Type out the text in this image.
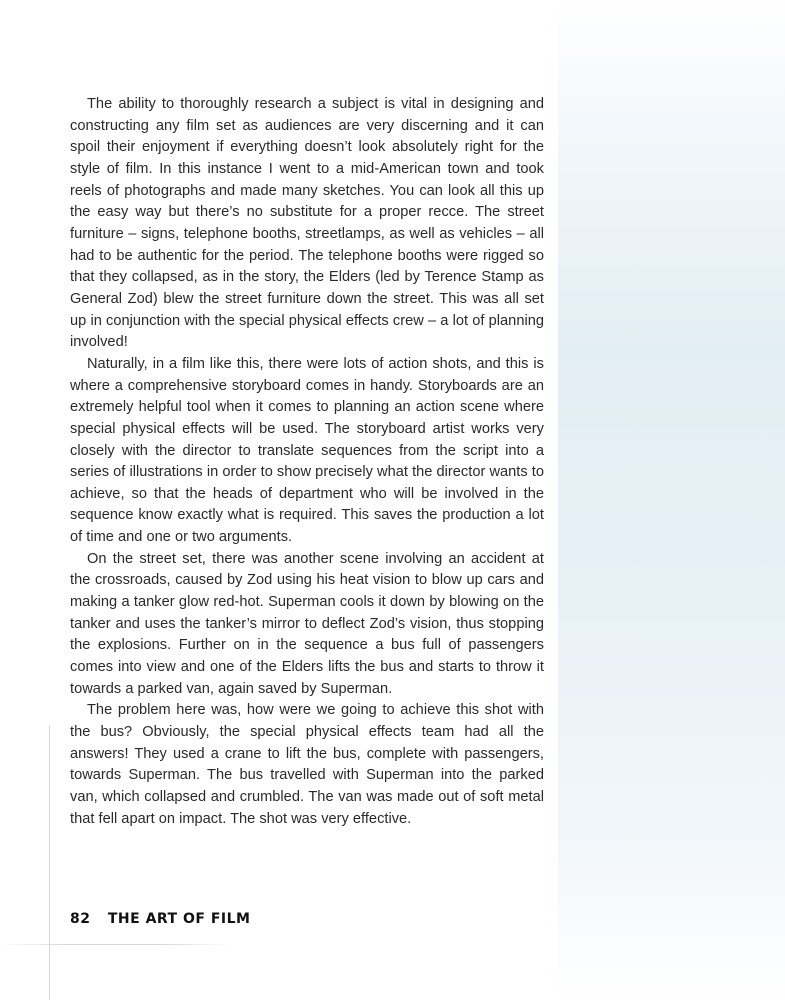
The ability to thoroughly research a subject is vital in designing and constructing any film set as audiences are very discerning and it can spoil their enjoyment if everything doesn’t look absolutely right for the style of film. In this instance I went to a mid-American town and took reels of photographs and made many sketches. You can look all this up the easy way but there’s no substitute for a proper recce. The street furniture – signs, telephone booths, streetlamps, as well as vehicles – all had to be authentic for the period. The telephone booths were rigged so that they collapsed, as in the story, the Elders (led by Terence Stamp as General Zod) blew the street furniture down the street. This was all set up in conjunction with the special physical effects crew – a lot of planning involved!

Naturally, in a film like this, there were lots of action shots, and this is where a comprehensive storyboard comes in handy. Storyboards are an extremely helpful tool when it comes to planning an action scene where special physical effects will be used. The storyboard artist works very closely with the director to translate sequences from the script into a series of illustrations in order to show precisely what the director wants to achieve, so that the heads of department who will be involved in the sequence know exactly what is required. This saves the production a lot of time and one or two arguments.

On the street set, there was another scene involving an accident at the crossroads, caused by Zod using his heat vision to blow up cars and making a tanker glow red-hot. Superman cools it down by blowing on the tanker and uses the tanker’s mirror to deflect Zod’s vision, thus stopping the explosions. Further on in the sequence a bus full of passengers comes into view and one of the Elders lifts the bus and starts to throw it towards a parked van, again saved by Superman.

The problem here was, how were we going to achieve this shot with the bus? Obviously, the special physical effects team had all the answers! They used a crane to lift the bus, complete with passengers, towards Superman. The bus travelled with Superman into the parked van, which collapsed and crumbled. The van was made out of soft metal that fell apart on impact. The shot was very effective.

82 THE ART OF FILM
